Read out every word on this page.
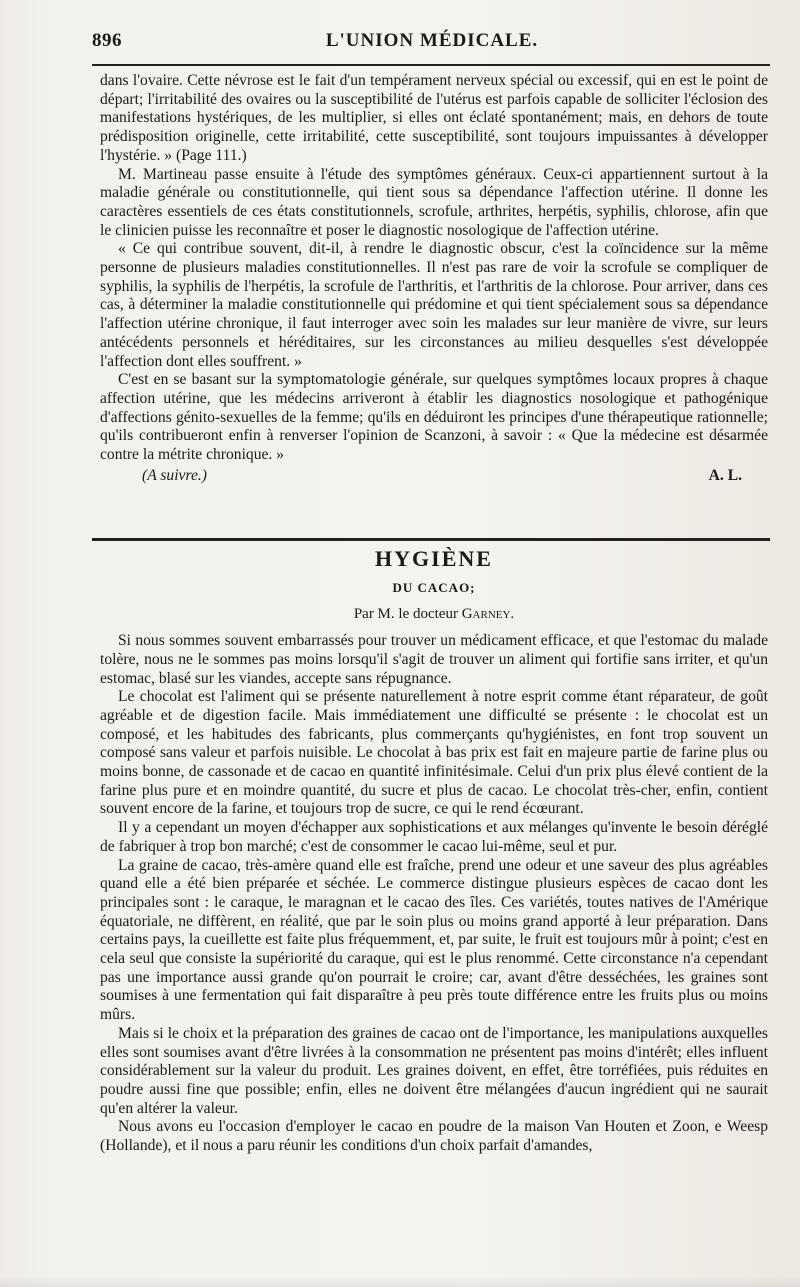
896	L'UNION MÉDICALE.

dans l'ovaire. Cette névrose est le fait d'un tempérament nerveux spécial ou excessif, qui en est le point de départ; l'irritabilité des ovaires ou la susceptibilité de l'utérus est parfois capable de solliciter l'éclosion des manifestations hystériques, de les multiplier, si elles ont éclaté spontanément; mais, en dehors de toute prédisposition originelle, cette irritabilité, cette susceptibilité, sont toujours impuissantes à développer l'hystérie. » (Page 111.)

M. Martineau passe ensuite à l'étude des symptômes généraux. Ceux-ci appartiennent surtout à la maladie générale ou constitutionnelle, qui tient sous sa dépendance l'affection utérine. Il donne les caractères essentiels de ces états constitutionnels, scrofule, arthrites, herpétis, syphilis, chlorose, afin que le clinicien puisse les reconnaître et poser le diagnostic nosologique de l'affection utérine.

« Ce qui contribue souvent, dit-il, à rendre le diagnostic obscur, c'est la coïncidence sur la même personne de plusieurs maladies constitutionnelles. Il n'est pas rare de voir la scrofule se compliquer de syphilis, la syphilis de l'herpétis, la scrofule de l'arthritis, et l'arthritis de la chlorose. Pour arriver, dans ces cas, à déterminer la maladie constitutionnelle qui prédomine et qui tient spécialement sous sa dépendance l'affection utérine chronique, il faut interroger avec soin les malades sur leur manière de vivre, sur leurs antécédents personnels et héréditaires, sur les circonstances au milieu desquelles s'est développée l'affection dont elles souffrent. »

C'est en se basant sur la symptomatologie générale, sur quelques symptômes locaux propres à chaque affection utérine, que les médecins arriveront à établir les diagnostics nosologique et pathogénique d'affections génito-sexuelles de la femme; qu'ils en déduiront les principes d'une thérapeutique rationnelle; qu'ils contribueront enfin à renverser l'opinion de Scanzoni, à savoir : « Que la médecine est désarmée contre la métrite chronique. »

(A suivre.)	A. L.
HYGIÈNE
DU CACAO;
Par M. le docteur Garney.

Si nous sommes souvent embarrassés pour trouver un médicament efficace, et que l'estomac du malade tolère, nous ne le sommes pas moins lorsqu'il s'agit de trouver un aliment qui fortifie sans irriter, et qu'un estomac, blasé sur les viandes, accepte sans répugnance.

Le chocolat est l'aliment qui se présente naturellement à notre esprit comme étant réparateur, de goût agréable et de digestion facile. Mais immédiatement une difficulté se présente : le chocolat est un composé, et les habitudes des fabricants, plus commerçants qu'hygiénistes, en font trop souvent un composé sans valeur et parfois nuisible. Le chocolat à bas prix est fait en majeure partie de farine plus ou moins bonne, de cassonade et de cacao en quantité infinitésimale. Celui d'un prix plus élevé contient de la farine plus pure et en moindre quantité, du sucre et plus de cacao. Le chocolat très-cher, enfin, contient souvent encore de la farine, et toujours trop de sucre, ce qui le rend écœurant.

Il y a cependant un moyen d'échapper aux sophistications et aux mélanges qu'invente le besoin déréglé de fabriquer à trop bon marché; c'est de consommer le cacao lui-même, seul et pur.

La graine de cacao, très-amère quand elle est fraîche, prend une odeur et une saveur des plus agréables quand elle a été bien préparée et séchée. Le commerce distingue plusieurs espèces de cacao dont les principales sont : le caraque, le maragnan et le cacao des îles. Ces variétés, toutes natives de l'Amérique équatoriale, ne diffèrent, en réalité, que par le soin plus ou moins grand apporté à leur préparation. Dans certains pays, la cueillette est faite plus fréquemment, et, par suite, le fruit est toujours mûr à point; c'est en cela seul que consiste la supériorité du caraque, qui est le plus renommé. Cette circonstance n'a cependant pas une importance aussi grande qu'on pourrait le croire; car, avant d'être desséchées, les graines sont soumises à une fermentation qui fait disparaître à peu près toute différence entre les fruits plus ou moins mûrs.

Mais si le choix et la préparation des graines de cacao ont de l'importance, les manipulations auxquelles elles sont soumises avant d'être livrées à la consommation ne présentent pas moins d'intérêt; elles influent considérablement sur la valeur du produit. Les graines doivent, en effet, être torréfiées, puis réduites en poudre aussi fine que possible; enfin, elles ne doivent être mélangées d'aucun ingrédient qui ne saurait qu'en altérer la valeur.

Nous avons eu l'occasion d'employer le cacao en poudre de la maison Van Houten et Zoon, e Weesp (Hollande), et il nous a paru réunir les conditions d'un choix parfait d'amandes,
